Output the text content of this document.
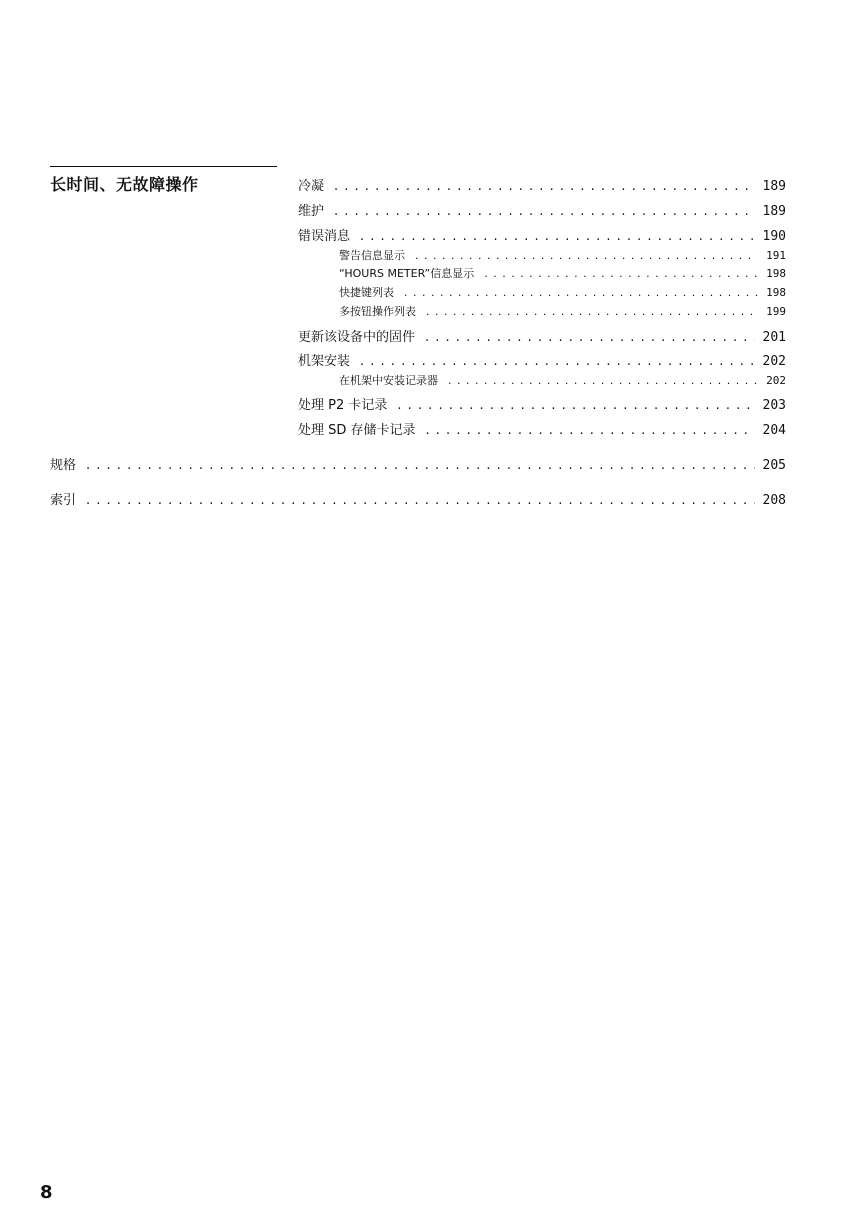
长时间、无故障操作	冷凝 . . .	189
维护 . . .	189
错误消息 . . .	190
警告信息显示 . . .	191
“HOURS METER”信息显示 . . .	198
快捷键列表 . . .	198
多按钮操作列表 . . .	199
更新该设备中的固件 . . .	201
机架安装 . . .	202
在机架中安装记录器 . . .	202
处理 P2 卡记录 . . .	203
处理 SD 存储卡记录 . . .	204
规格 . . .	205
索引 . . .	208
8
